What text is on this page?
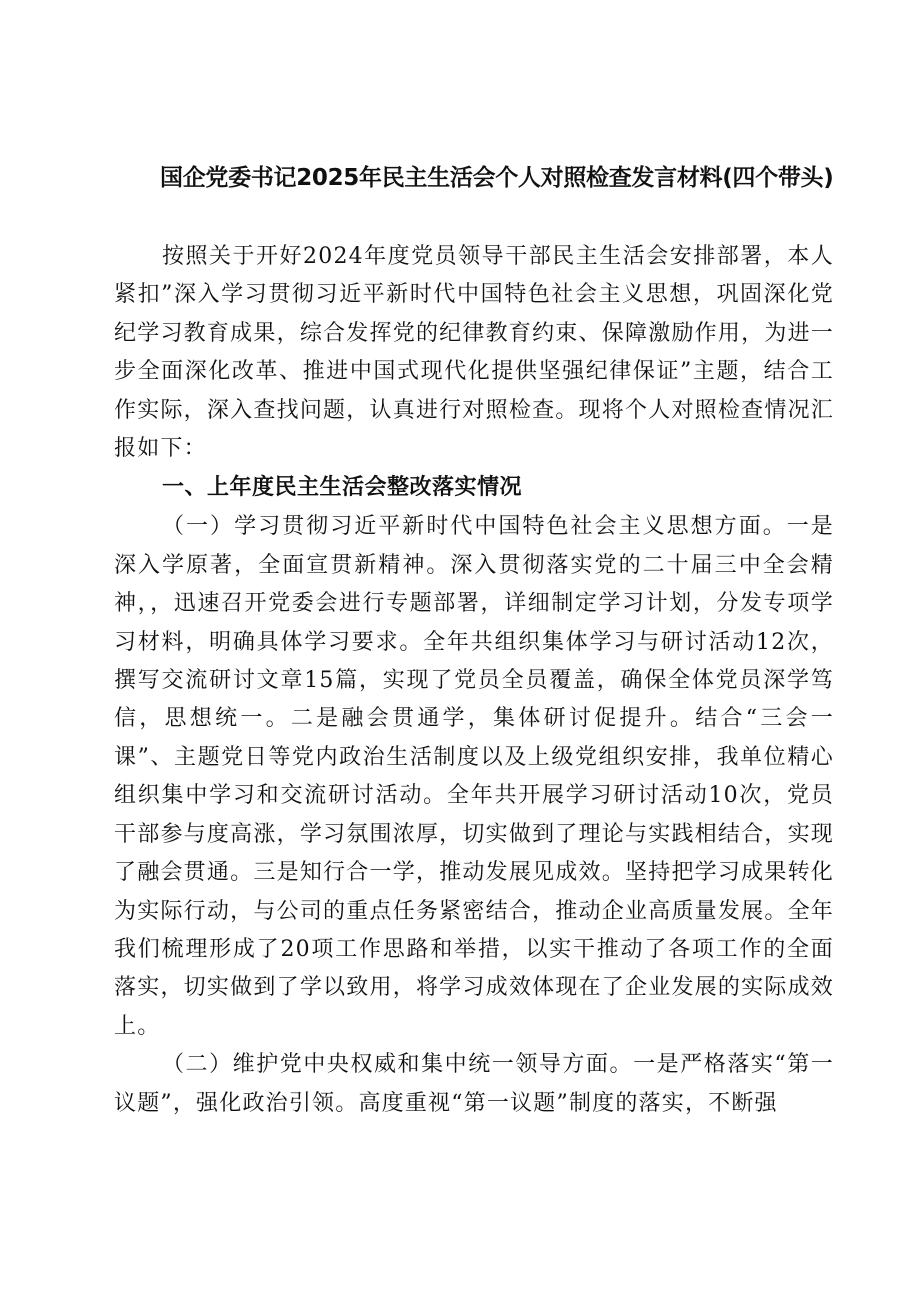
国企党委书记2025年民主生活会个人对照检查发言材料(四个带头)

按照关于开好2024年度党员领导干部民主生活会安排部署，本人紧扣”深入学习贯彻习近平新时代中国特色社会主义思想，巩固深化党纪学习教育成果，综合发挥党的纪律教育约束、保障激励作用，为进一步全面深化改革、推进中国式现代化提供坚强纪律保证”主题，结合工作实际，深入查找问题，认真进行对照检查。现将个人对照检查情况汇报如下：

一、上年度民主生活会整改落实情况

（一）学习贯彻习近平新时代中国特色社会主义思想方面。一是深入学原著，全面宣贯新精神。深入贯彻落实党的二十届三中全会精神，，迅速召开党委会进行专题部署，详细制定学习计划，分发专项学习材料，明确具体学习要求。全年共组织集体学习与研讨活动12次，撰写交流研讨文章15篇，实现了党员全员覆盖，确保全体党员深学笃信，思想统一。二是融会贯通学，集体研讨促提升。结合“三会一课”、主题党日等党内政治生活制度以及上级党组织安排，我单位精心组织集中学习和交流研讨活动。全年共开展学习研讨活动10次，党员干部参与度高涨，学习氛围浓厚，切实做到了理论与实践相结合，实现了融会贯通。三是知行合一学，推动发展见成效。坚持把学习成果转化为实际行动，与公司的重点任务紧密结合，推动企业高质量发展。全年我们梳理形成了20项工作思路和举措，以实干推动了各项工作的全面落实，切实做到了学以致用，将学习成效体现在了企业发展的实际成效上。

（二）维护党中央权威和集中统一领导方面。一是严格落实“第一议题”，强化政治引领。高度重视“第一议题”制度的落实，不断强
